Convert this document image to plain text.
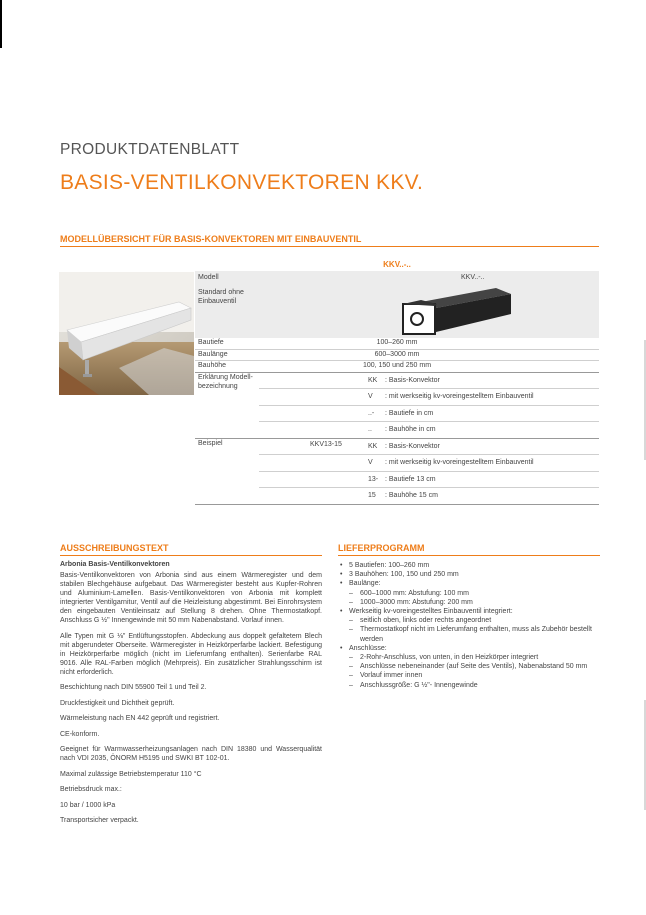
PRODUKTDATENBLATT
BASIS-VENTILKONVEKTOREN KKV.
MODELLÜBERSICHT FÜR BASIS-KONVEKTOREN MIT EINBAUVENTIL
KKV..-..
Modell
Standard ohne Einbauventil
KKV..-..
Bautiefe	100–260 mm
Baulänge	600–3000 mm
Bauhöhe	100, 150 und 250 mm
Erklärung Modell-bezeichnung
KK : Basis-Konvektor
V : mit werkseitig kv-voreingestelltem Einbauventil
..- : Bautiefe in cm
.. : Bauhöhe in cm
Beispiel	KKV13-15	KK : Basis-Konvektor
V : mit werkseitig kv-voreingestelltem Einbauventil
13- : Bautiefe 13 cm
15 : Bauhöhe 15 cm
AUSSCHREIBUNGSTEXT

Arbonia Basis-Ventilkonvektoren

Basis-Ventilkonvektoren von Arbonia sind aus einem Wärmeregister und dem stabilen Blechgehäuse aufgebaut. Das Wärmeregister besteht aus Kupfer-Rohren und Aluminium-Lamellen. Basis-Ventilkonvektoren von Arbonia mit komplett integrierter Ventilgarnitur, Ventil auf die Heizleistung abgestimmt. Bei Einrohrsystem den eingebauten Ventileinsatz auf Stellung 8 drehen. Ohne Thermostatkopf. Anschluss G ½" Innengewinde mit 50 mm Nabenabstand. Vorlauf innen.

Alle Typen mit G ⅛" Entlüftungsstopfen. Abdeckung aus doppelt gefaltetem Blech mit abgerundeter Oberseite. Wärmeregister in Heizkörperfarbe lackiert. Befestigung in Heizkörperfarbe möglich (nicht im Lieferumfang enthalten). Serienfarbe RAL 9016. Alle RAL-Farben möglich (Mehrpreis). Ein zusätzlicher Strahlungsschirm ist nicht erforderlich.

Beschichtung nach DIN 55900 Teil 1 und Teil 2.

Druckfestigkeit und Dichtheit geprüft.

Wärmeleistung nach EN 442 geprüft und registriert.

CE-konform.

Geeignet für Warmwasserheizungsanlagen nach DIN 18380 und Wasserqualität nach VDI 2035, ÖNORM H5195 und SWKI BT 102-01.

Maximal zulässige Betriebstemperatur 110 °C

Betriebsdruck max.:

10 bar / 1000 kPa

Transportsicher verpackt.

LIEFERPROGRAMM
• 5 Bautiefen: 100–260 mm
• 3 Bauhöhen: 100, 150 und 250 mm
• Baulänge:
– 600–1000 mm: Abstufung: 100 mm
– 1000–3000 mm: Abstufung: 200 mm
• Werkseitig kv-voreingestelltes Einbauventil integriert:
– seitlich oben, links oder rechts angeordnet
– Thermostatkopf nicht im Lieferumfang enthalten, muss als Zubehör bestellt werden
• Anschlüsse:
– 2-Rohr-Anschluss, von unten, in den Heizkörper integriert
– Anschlüsse nebeneinander (auf Seite des Ventils), Nabenabstand 50 mm
– Vorlauf immer innen
– Anschlussgröße: G ½"- Innengewinde
